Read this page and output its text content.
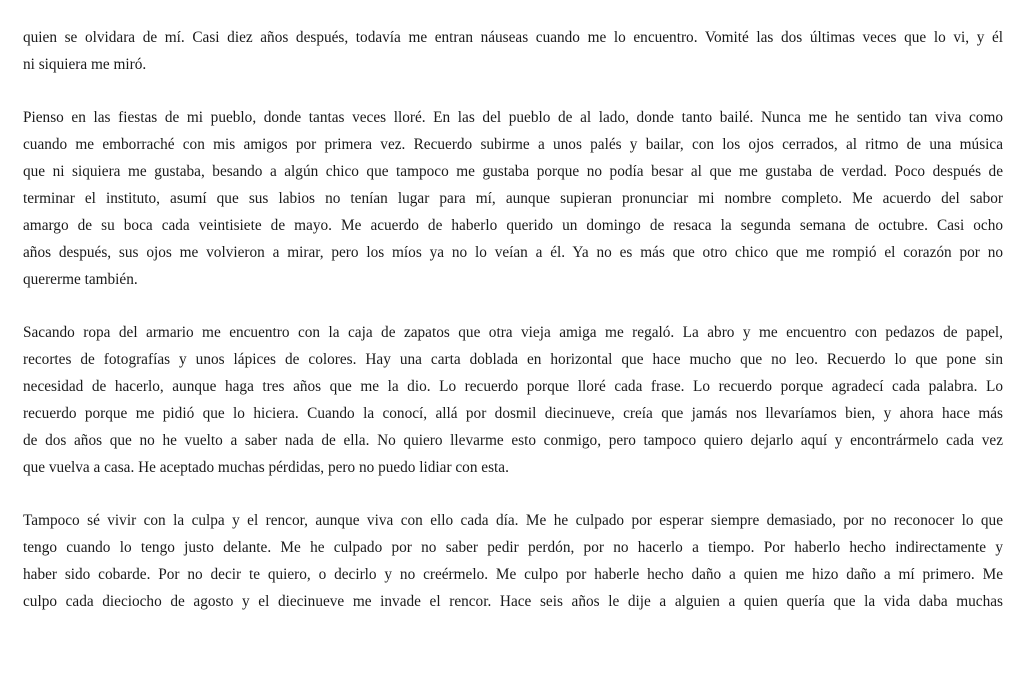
quien se olvidara de mí. Casi diez años después, todavía me entran náuseas cuando me lo encuentro. Vomité las dos últimas veces que lo vi, y él
ni siquiera me miró.

Pienso en las fiestas de mi pueblo, donde tantas veces lloré. En las del pueblo de al lado, donde tanto bailé. Nunca me he sentido tan viva como
cuando me emborraché con mis amigos por primera vez. Recuerdo subirme a unos palés y bailar, con los ojos cerrados, al ritmo de una música
que ni siquiera me gustaba, besando a algún chico que tampoco me gustaba porque no podía besar al que me gustaba de verdad. Poco después de
terminar el instituto, asumí que sus labios no tenían lugar para mí, aunque supieran pronunciar mi nombre completo. Me acuerdo del sabor
amargo de su boca cada veintisiete de mayo. Me acuerdo de haberlo querido un domingo de resaca la segunda semana de octubre. Casi ocho
años después, sus ojos me volvieron a mirar, pero los míos ya no lo veían a él. Ya no es más que otro chico que me rompió el corazón por no
quererme también.

Sacando ropa del armario me encuentro con la caja de zapatos que otra vieja amiga me regaló. La abro y me encuentro con pedazos de papel,
recortes de fotografías y unos lápices de colores. Hay una carta doblada en horizontal que hace mucho que no leo. Recuerdo lo que pone sin
necesidad de hacerlo, aunque haga tres años que me la dio. Lo recuerdo porque lloré cada frase. Lo recuerdo porque agradecí cada palabra. Lo
recuerdo porque me pidió que lo hiciera. Cuando la conocí, allá por dosmil diecinueve, creía que jamás nos llevaríamos bien, y ahora hace más
de dos años que no he vuelto a saber nada de ella. No quiero llevarme esto conmigo, pero tampoco quiero dejarlo aquí y encontrármelo cada vez
que vuelva a casa. He aceptado muchas pérdidas, pero no puedo lidiar con esta.

Tampoco sé vivir con la culpa y el rencor, aunque viva con ello cada día. Me he culpado por esperar siempre demasiado, por no reconocer lo que
tengo cuando lo tengo justo delante. Me he culpado por no saber pedir perdón, por no hacerlo a tiempo. Por haberlo hecho indirectamente y
haber sido cobarde. Por no decir te quiero, o decirlo y no creérmelo. Me culpo por haberle hecho daño a quien me hizo daño a mí primero. Me
culpo cada dieciocho de agosto y el diecinueve me invade el rencor. Hace seis años le dije a alguien a quien quería que la vida daba muchas
